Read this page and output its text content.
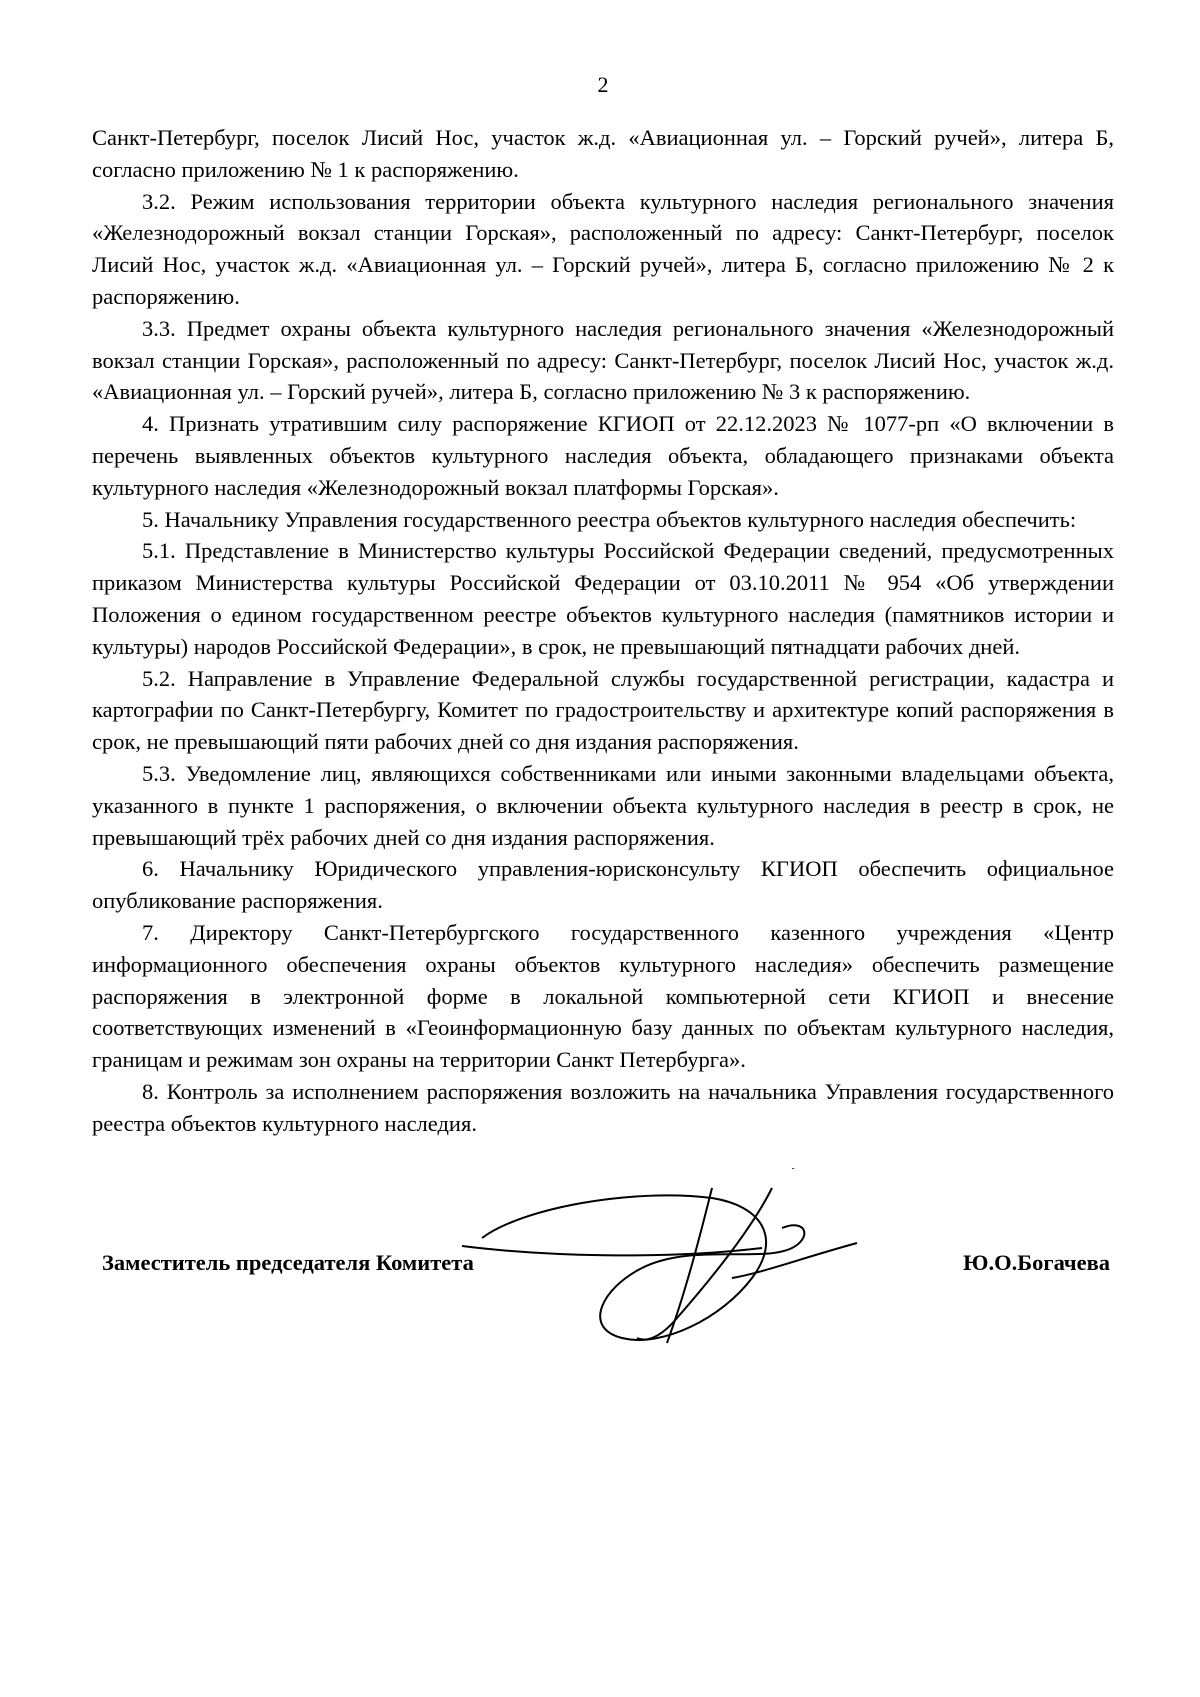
2

Санкт-Петербург, поселок Лисий Нос, участок ж.д. «Авиационная ул. – Горский ручей», литера Б, согласно приложению № 1 к распоряжению.

3.2. Режим использования территории объекта культурного наследия регионального значения «Железнодорожный вокзал станции Горская», расположенный по адресу: Санкт-Петербург, поселок Лисий Нос, участок ж.д. «Авиационная ул. – Горский ручей», литера Б, согласно приложению № 2 к распоряжению.

3.3. Предмет охраны объекта культурного наследия регионального значения «Железнодорожный вокзал станции Горская», расположенный по адресу: Санкт-Петербург, поселок Лисий Нос, участок ж.д. «Авиационная ул. – Горский ручей», литера Б, согласно приложению № 3 к распоряжению.

4. Признать утратившим силу распоряжение КГИОП от 22.12.2023 № 1077-рп «О включении в перечень выявленных объектов культурного наследия объекта, обладающего признаками объекта культурного наследия «Железнодорожный вокзал платформы Горская».

5. Начальнику Управления государственного реестра объектов культурного наследия обеспечить:

5.1. Представление в Министерство культуры Российской Федерации сведений, предусмотренных приказом Министерства культуры Российской Федерации от 03.10.2011 № 954 «Об утверждении Положения о едином государственном реестре объектов культурного наследия (памятников истории и культуры) народов Российской Федерации», в срок, не превышающий пятнадцати рабочих дней.

5.2. Направление в Управление Федеральной службы государственной регистрации, кадастра и картографии по Санкт-Петербургу, Комитет по градостроительству и архитектуре копий распоряжения в срок, не превышающий пяти рабочих дней со дня издания распоряжения.

5.3. Уведомление лиц, являющихся собственниками или иными законными владельцами объекта, указанного в пункте 1 распоряжения, о включении объекта культурного наследия в реестр в срок, не превышающий трёх рабочих дней со дня издания распоряжения.

6. Начальнику Юридического управления-юрисконсульту КГИОП обеспечить официальное опубликование распоряжения.

7. Директору Санкт-Петербургского государственного казенного учреждения «Центр информационного обеспечения охраны объектов культурного наследия» обеспечить размещение распоряжения в электронной форме в локальной компьютерной сети КГИОП и внесение соответствующих изменений в «Геоинформационную базу данных по объектам культурного наследия, границам и режимам зон охраны на территории Санкт Петербурга».

8. Контроль за исполнением распоряжения возложить на начальника Управления государственного реестра объектов культурного наследия.

Заместитель председателя Комитета	Ю.О.Богачева
